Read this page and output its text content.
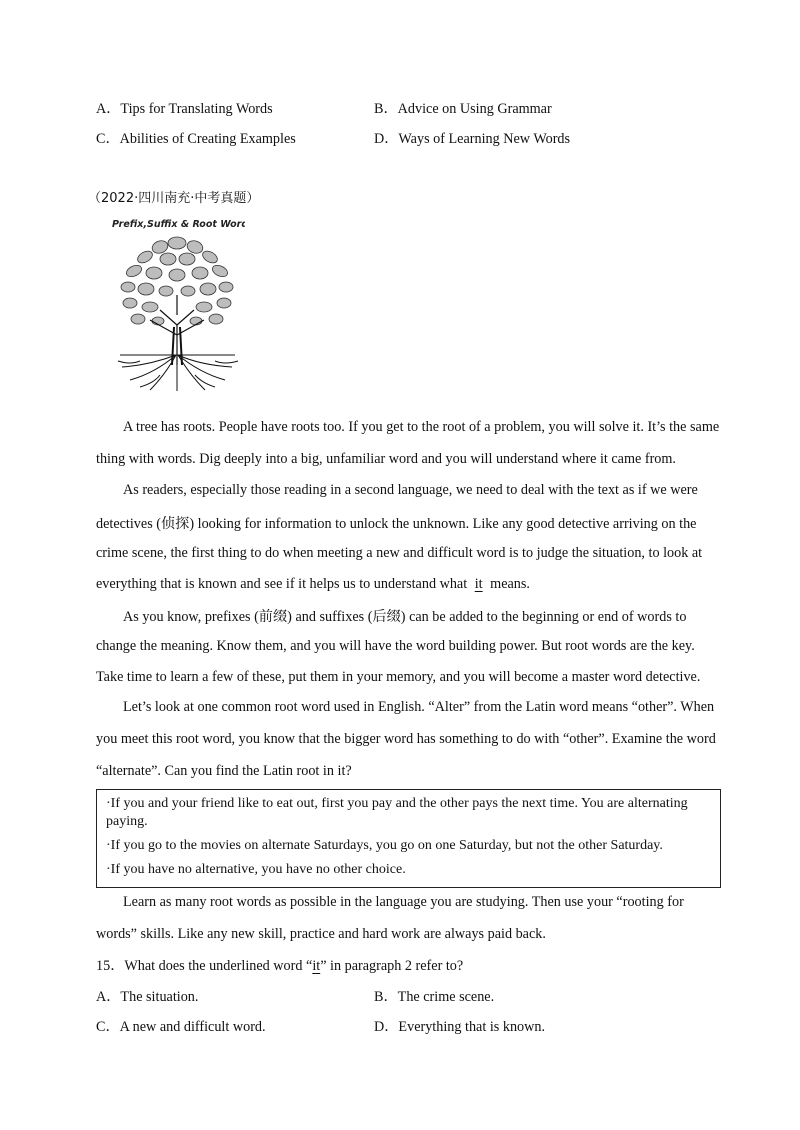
A．Tips for Translating Words	B．Advice on Using Grammar
C．Abilities of Creating Examples	D．Ways of Learning New Words
（2022·四川南充·中考真题）
Prefix,Suffix & Root Words
A tree has roots. People have roots too. If you get to the root of a problem, you will solve it. It’s the same
thing with words. Dig deeply into a big, unfamiliar word and you will understand where it came from.
As readers, especially those reading in a second language, we need to deal with the text as if we were
detectives (侦探) looking for information to unlock the unknown. Like any good detective arriving on the
crime scene, the first thing to do when meeting a new and difficult word is to judge the situation, to look at
everything that is known and see if it helps us to understand what it means.
As you know, prefixes (前缀) and suffixes (后缀) can be added to the beginning or end of words to
change the meaning. Know them, and you will have the word building power. But root words are the key.
Take time to learn a few of these, put them in your memory, and you will become a master word detective.
Let’s look at one common root word used in English. “Alter” from the Latin word means “other”. When
you meet this root word, you know that the bigger word has something to do with “other”. Examine the word
“alternate”. Can you find the Latin root in it?
·If you and your friend like to eat out, first you pay and the other pays the next time. You are alternating
paying.
·If you go to the movies on alternate Saturdays, you go on one Saturday, but not the other Saturday.
·If you have no alternative, you have no other choice.
Learn as many root words as possible in the language you are studying. Then use your “rooting for
words” skills. Like any new skill, practice and hard work are always paid back.
15．What does the underlined word “it” in paragraph 2 refer to?
A．The situation.	B．The crime scene.
C．A new and difficult word.	D．Everything that is known.
